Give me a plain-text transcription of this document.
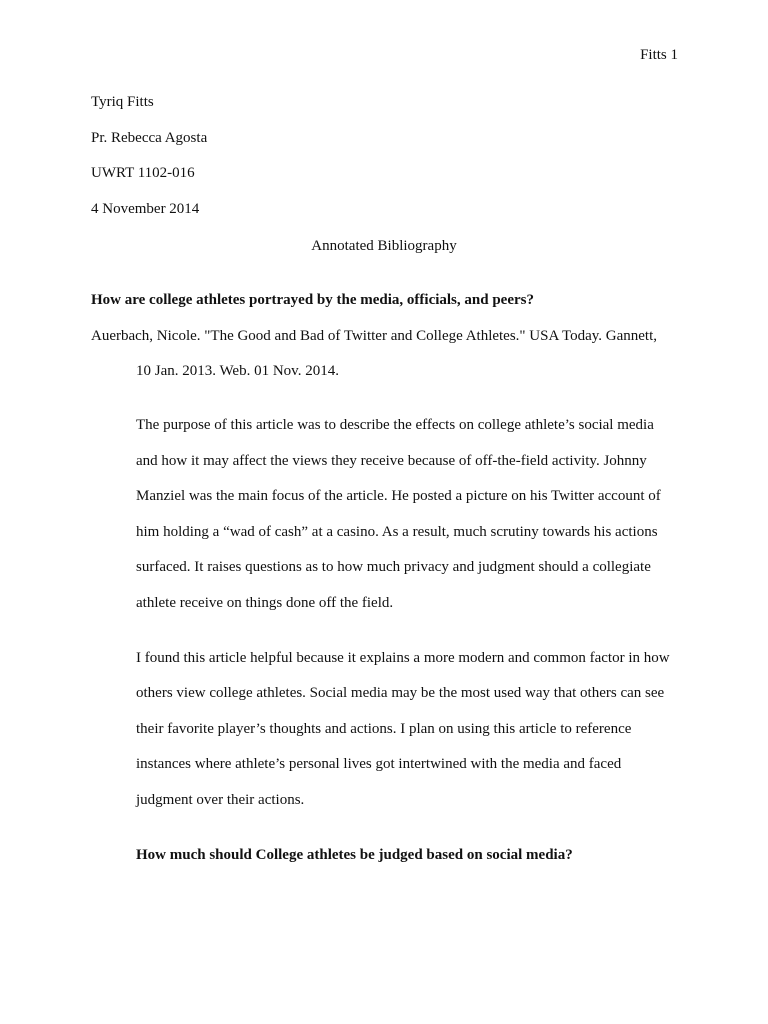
Fitts 1
Tyriq Fitts
Pr. Rebecca Agosta
UWRT 1102-016
4 November 2014
Annotated Bibliography
How are college athletes portrayed by the media, officials, and peers?
Auerbach, Nicole. "The Good and Bad of Twitter and College Athletes." USA Today. Gannett,
10 Jan. 2013. Web. 01 Nov. 2014.
The purpose of this article was to describe the effects on college athlete’s social media
and how it may affect the views they receive because of off-the-field activity. Johnny
Manziel was the main focus of the article. He posted a picture on his Twitter account of
him holding a “wad of cash” at a casino. As a result, much scrutiny towards his actions
surfaced. It raises questions as to how much privacy and judgment should a collegiate
athlete receive on things done off the field.
I found this article helpful because it explains a more modern and common factor in how
others view college athletes. Social media may be the most used way that others can see
their favorite player’s thoughts and actions. I plan on using this article to reference
instances where athlete’s personal lives got intertwined with the media and faced
judgment over their actions.
How much should College athletes be judged based on social media?
